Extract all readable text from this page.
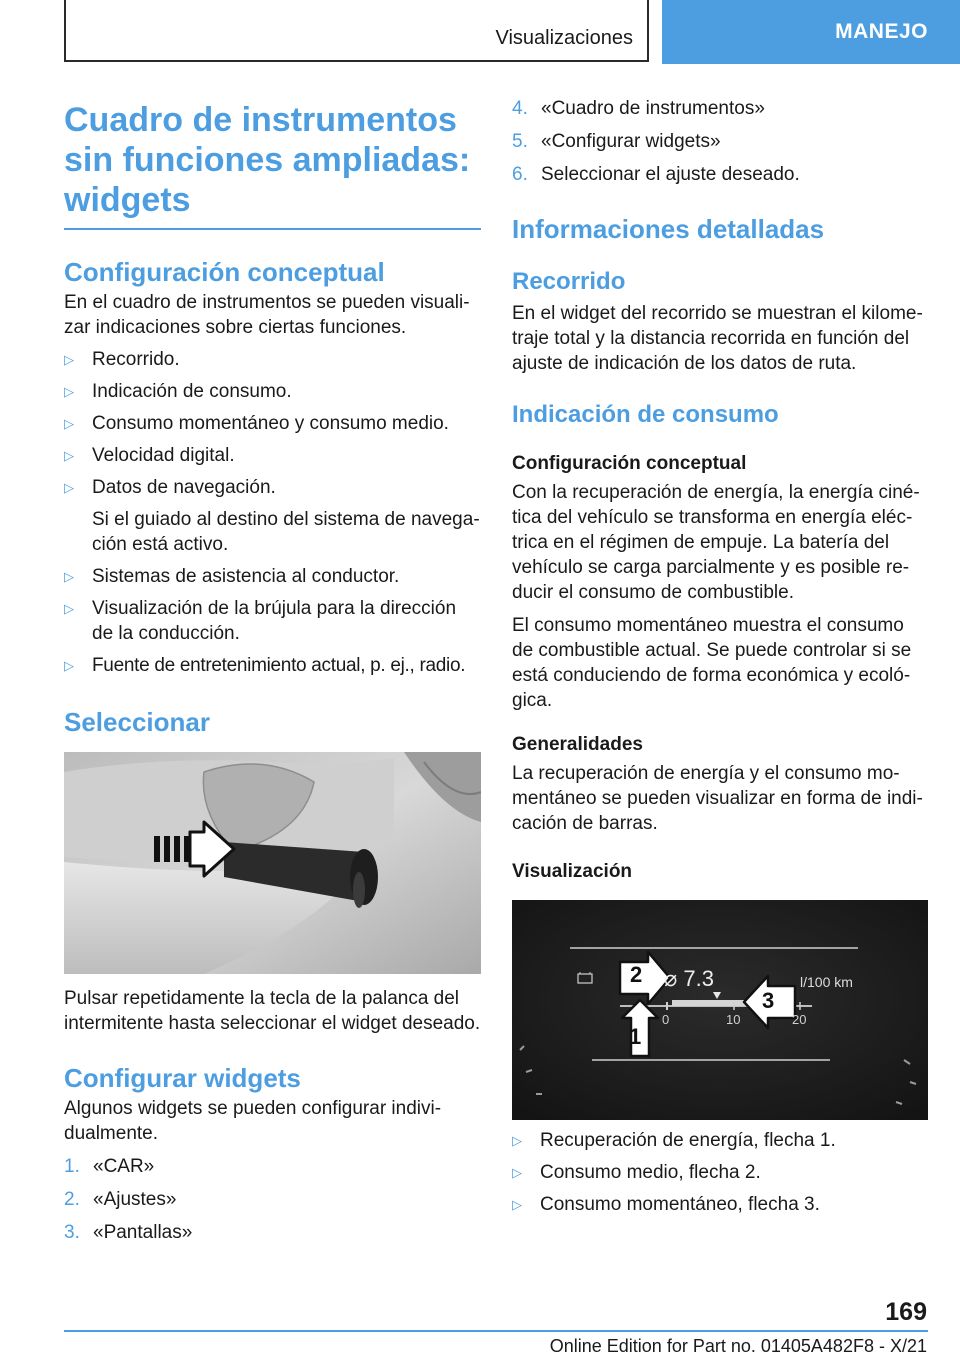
Visualizaciones	MANEJO
Cuadro de instrumentos sin funciones ampliadas: widgets
Configuración conceptual

En el cuadro de instrumentos se pueden visualizar indicaciones sobre ciertas funciones.

▷ Recorrido.
▷ Indicación de consumo.
▷ Consumo momentáneo y consumo medio.
▷ Velocidad digital.
▷ Datos de navegación.
Si el guiado al destino del sistema de navegación está activo.
▷ Sistemas de asistencia al conductor.
▷ Visualización de la brújula para la dirección de la conducción.
▷ Fuente de entretenimiento actual, p. ej., radio.
Seleccionar

Pulsar repetidamente la tecla de la palanca del intermitente hasta seleccionar el widget deseado.

Configurar widgets

Algunos widgets se pueden configurar individualmente.

1. «CAR»
2. «Ajustes»
3. «Pantallas»
4. «Cuadro de instrumentos»
5. «Configurar widgets»
6. Seleccionar el ajuste deseado.
Informaciones detalladas
Recorrido

En el widget del recorrido se muestran el kilometraje total y la distancia recorrida en función del ajuste de indicación de los datos de ruta.

Indicación de consumo
Configuración conceptual

Con la recuperación de energía, la energía cinética del vehículo se transforma en energía eléctrica en el régimen de empuje. La batería del vehículo se carga parcialmente y es posible reducir el consumo de combustible.

El consumo momentáneo muestra el consumo de combustible actual. Se puede controlar si se está conduciendo de forma económica y ecológica.

Generalidades

La recuperación de energía y el consumo momentáneo se pueden visualizar en forma de indicación de barras.

Visualización
⌀ 7.3	l/100 km
0	10	20
1
2
3
▷ Recuperación de energía, flecha 1.
▷ Consumo medio, flecha 2.
▷ Consumo momentáneo, flecha 3.
169
Online Edition for Part no. 01405A482F8 - X/21
